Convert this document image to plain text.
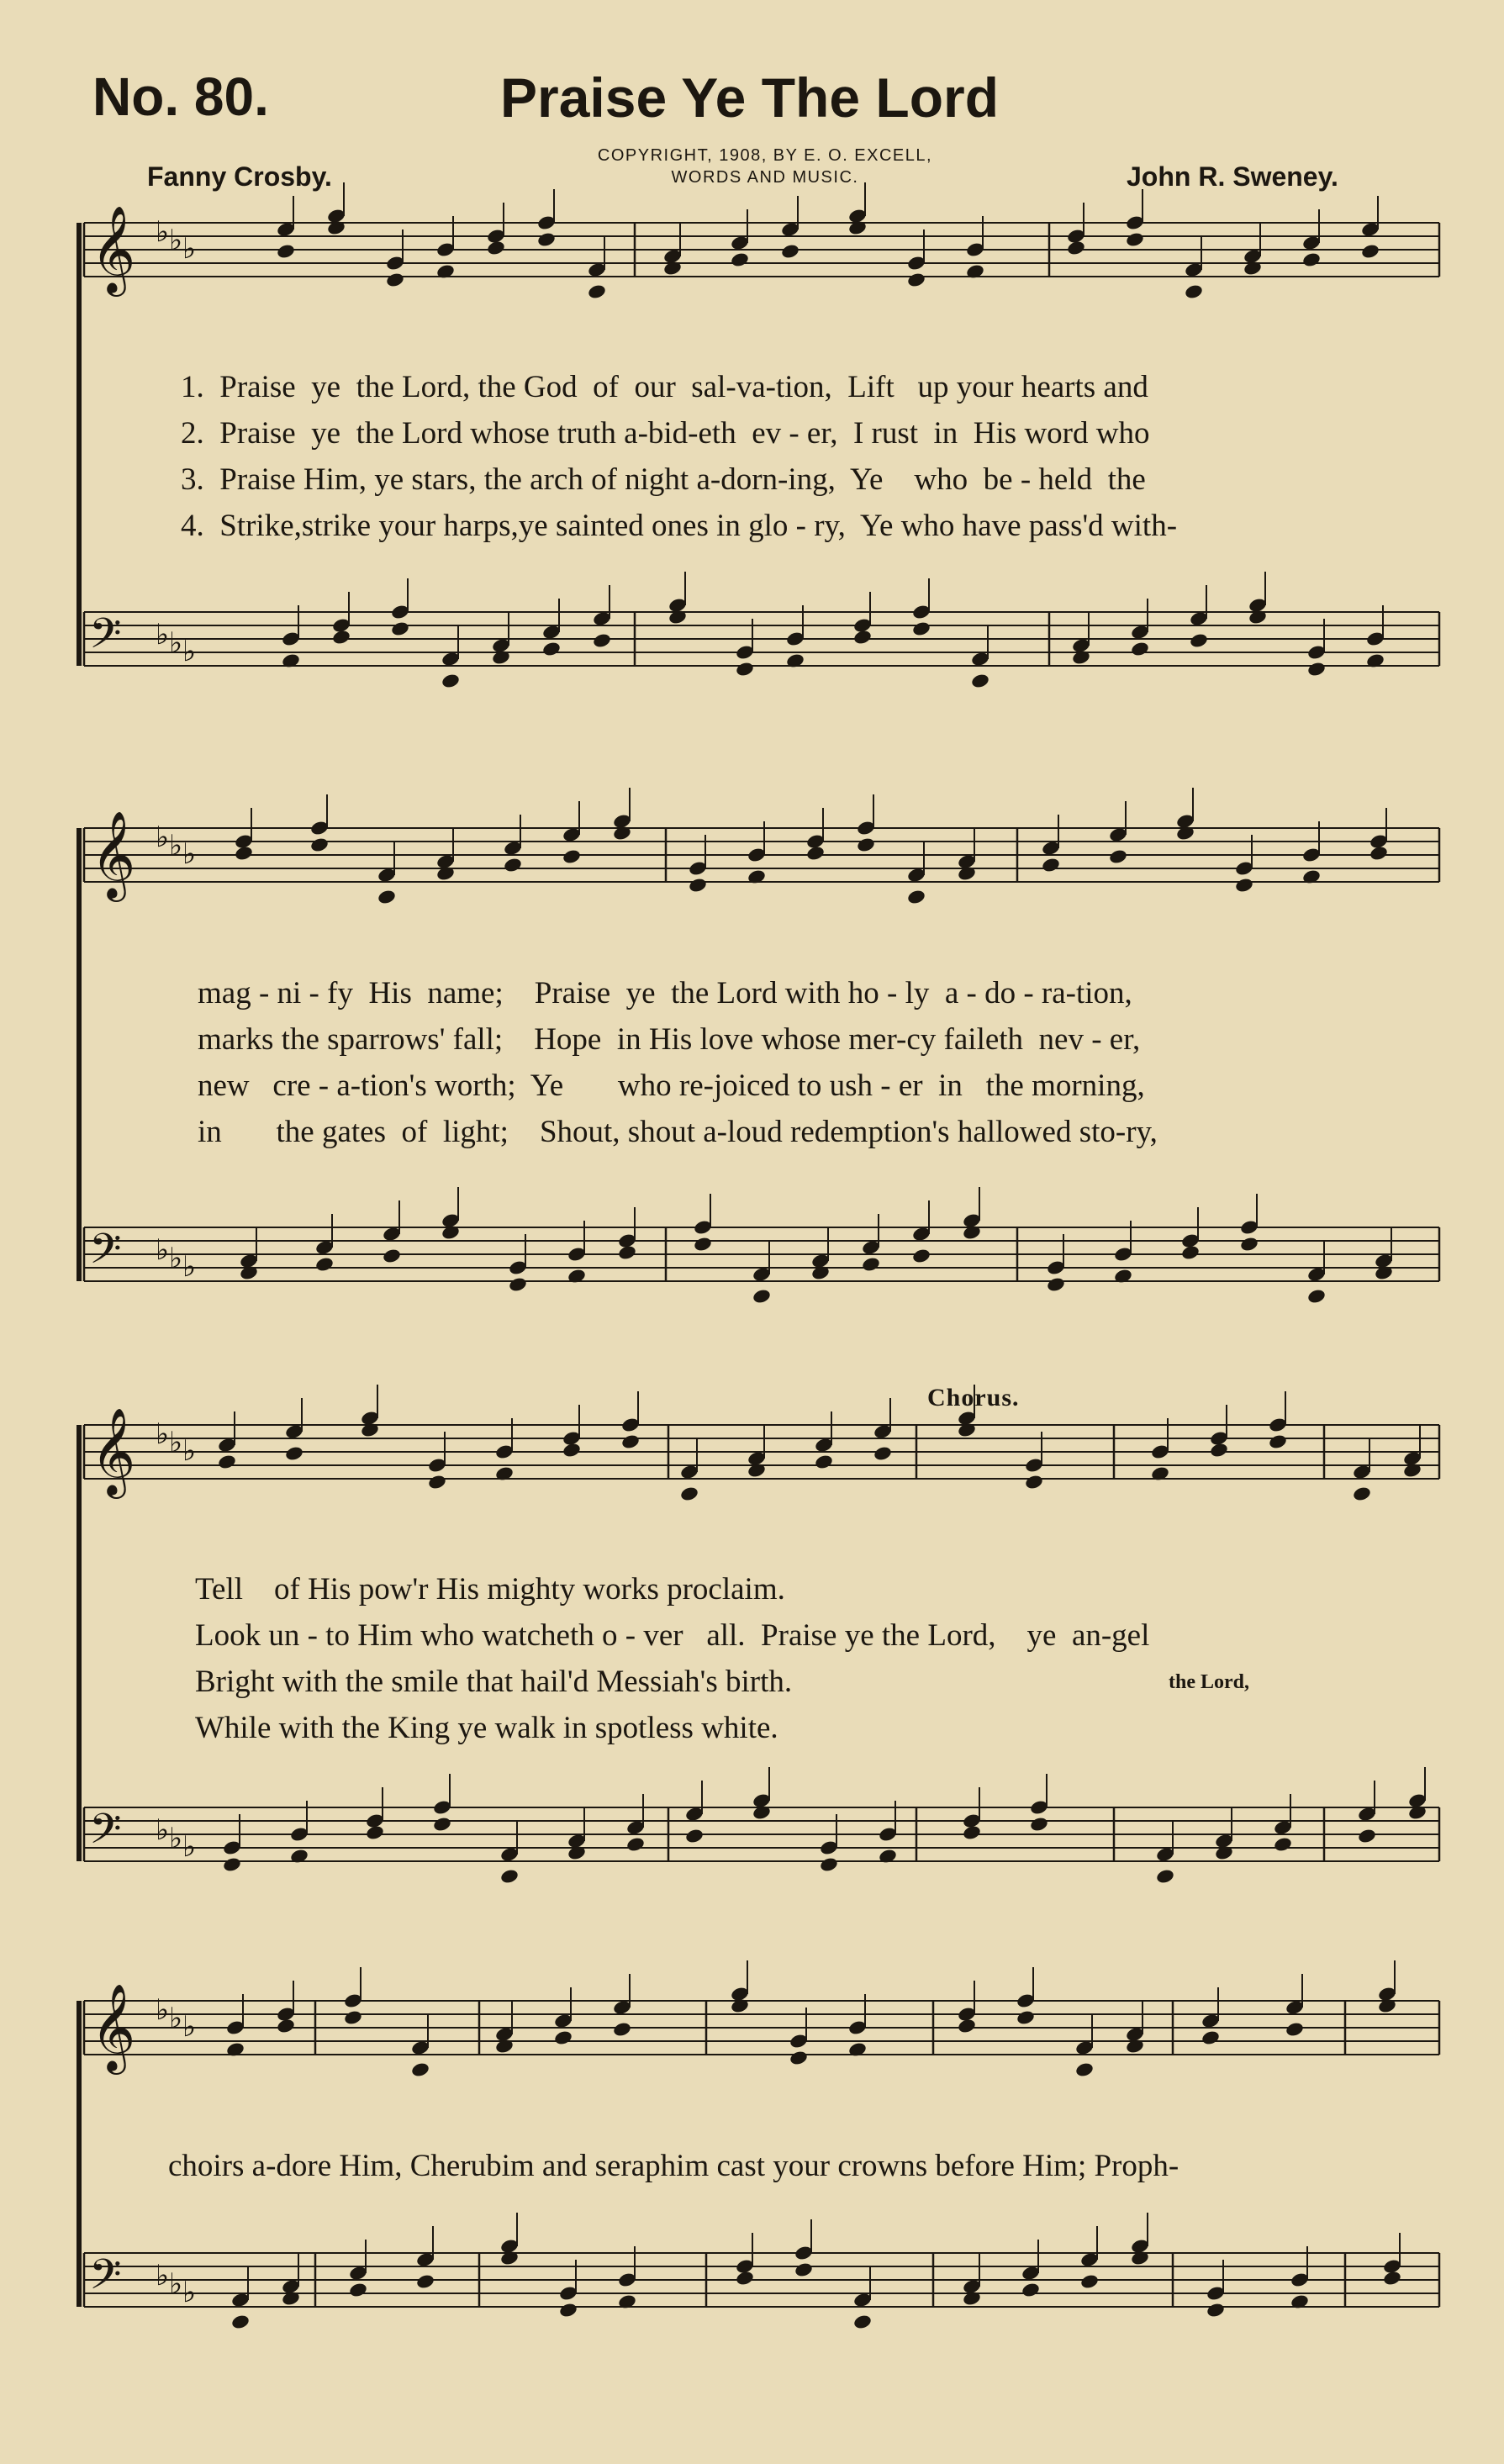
No. 80.	Praise Ye The Lord
Fanny Crosby.
COPYRIGHT, 1908, BY E. O. EXCELL,
WORDS AND MUSIC.	John R. Sweney.
𝄞
𝄢
♭
♭
♭
♭
♭
♭
𝄞
𝄢
♭
♭
♭
♭
♭
♭
𝄞
𝄢
♭
♭
♭
♭
♭
♭
𝄞
𝄢
♭
♭
♭
♭
♭
♭
1.  Praise  ye  the Lord, the God  of  our  sal-va-tion,  Lift   up your hearts and
2.  Praise  ye  the Lord whose truth a-bid-eth  ev - er,  I rust  in  His word who
3.  Praise Him, ye stars, the arch of night a-dorn-ing,  Ye    who  be - held  the
4.  Strike,strike your harps,ye sainted ones in glo - ry,  Ye who have pass'd with-
mag - ni - fy  His  name;    Praise  ye  the Lord with ho - ly  a - do - ra-tion,
marks the sparrows' fall;    Hope  in His love whose mer-cy faileth  nev - er,
new   cre - a-tion's worth;  Ye       who re-joiced to ush - er  in   the morning,
in       the gates  of  light;    Shout, shout a-loud redemption's hallowed sto-ry,
Chorus.
Tell    of His pow'r His mighty works proclaim.
Look un - to Him who watcheth o - ver   all.  Praise ye the Lord,    ye  an-gel
Bright with the smile that hail'd Messiah's birth.
While with the King ye walk in spotless white.
the Lord,
choirs a-dore Him, Cherubim and seraphim cast your crowns before Him; Proph-
